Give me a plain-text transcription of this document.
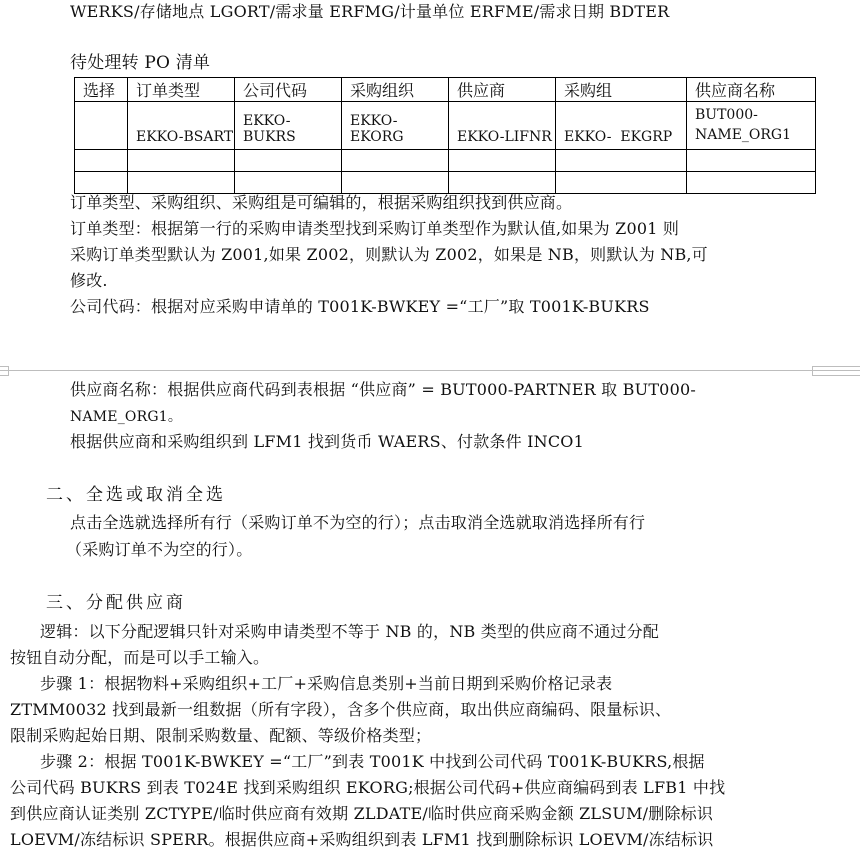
WERKS/存储地点 LGORT/需求量 ERFMG/计量单位 ERFME/需求日期 BDTER
待处理转 PO 清单
选择	订单类型	公司代码	采购组织	供应商	采购组	供应商名称
	EKKO-BSART	EKKO-BUKRS	EKKO-EKORG	EKKO-LIFNR	EKKO-  EKGRP	BUT000-
NAME_ORG1

订单类型、采购组织、采购组是可编辑的，根据采购组织找到供应商。
订单类型：根据第一行的采购申请类型找到采购订单类型作为默认值,如果为 Z001 则
采购订单类型默认为 Z001,如果 Z002，则默认为 Z002，如果是 NB，则默认为 NB,可
修改.
公司代码：根据对应采购申请单的 T001K-BWKEY =“工厂”取 T001K-BUKRS
供应商名称：根据供应商代码到表根据 “供应商” = BUT000-PARTNER 取 BUT000-
NAME_ORG1。
根据供应商和采购组织到 LFM1 找到货币 WAERS、付款条件 INCO1
二、全选或取消全选
点击全选就选择所有行（采购订单不为空的行）；点击取消全选就取消选择所有行
（采购订单不为空的行）。
三、分配供应商
逻辑：以下分配逻辑只针对采购申请类型不等于 NB 的，NB 类型的供应商不通过分配
按钮自动分配，而是可以手工输入。
步骤 1：根据物料+采购组织+工厂+采购信息类别+当前日期到采购价格记录表
ZTMM0032 找到最新一组数据（所有字段），含多个供应商，取出供应商编码、限量标识、
限制采购起始日期、限制采购数量、配额、等级价格类型；
步骤 2：根据 T001K-BWKEY =“工厂”到表 T001K 中找到公司代码 T001K-BUKRS,根据
公司代码 BUKRS 到表 T024E 找到采购组织 EKORG;根据公司代码+供应商编码到表 LFB1 中找
到供应商认证类别 ZCTYPE/临时供应商有效期 ZLDATE/临时供应商采购金额 ZLSUM/删除标识
LOEVM/冻结标识 SPERR。根据供应商+采购组织到表 LFM1 找到删除标识 LOEVM/冻结标识
